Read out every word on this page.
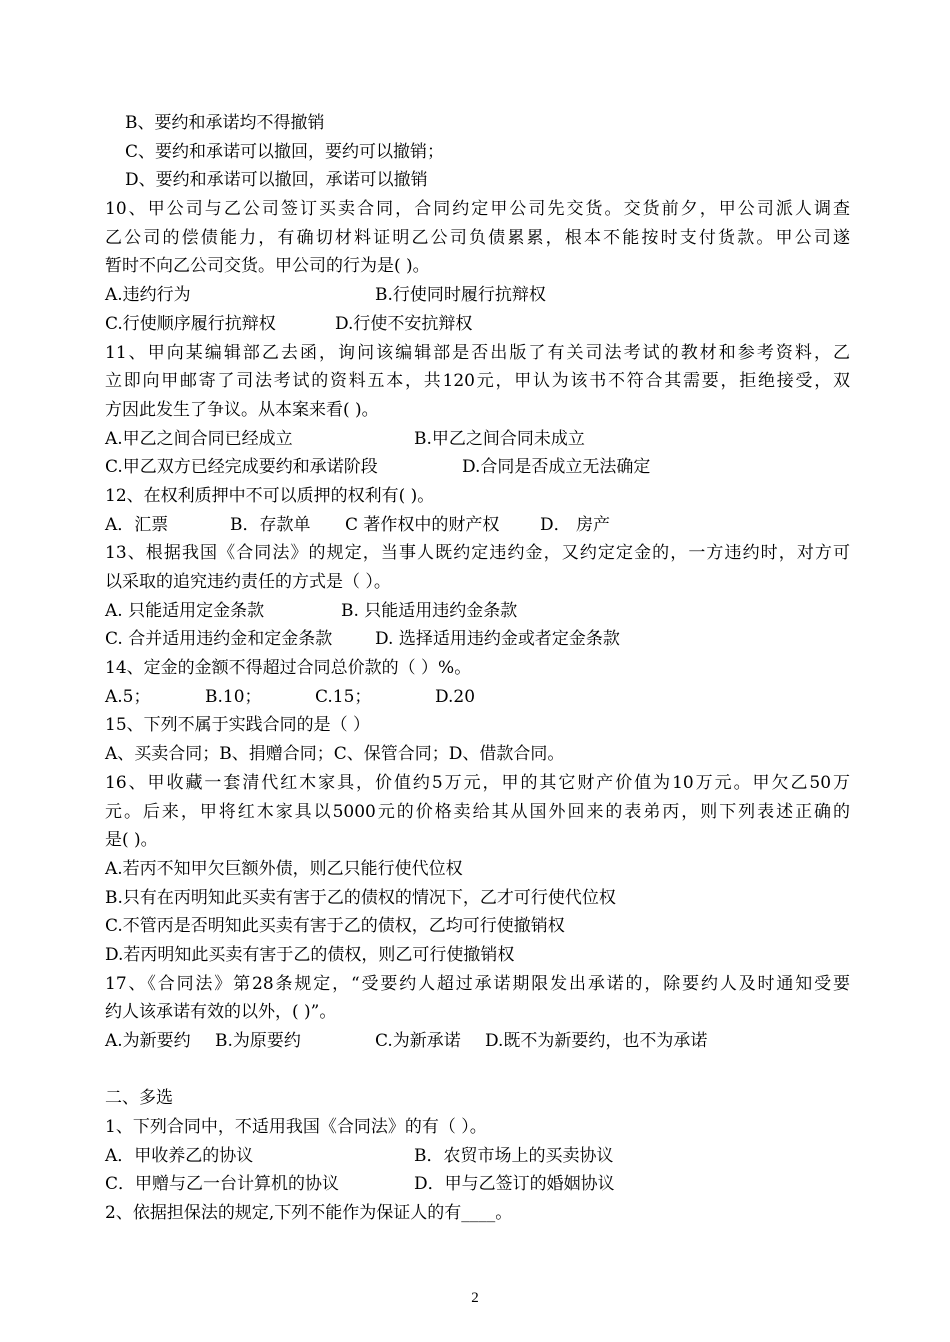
B、要约和承诺均不得撤销
C、要约和承诺可以撤回，要约可以撤销；
D、要约和承诺可以撤回，承诺可以撤销
10、甲公司与乙公司签订买卖合同，合同约定甲公司先交货。交货前夕，甲公司派人调查
乙公司的偿债能力，有确切材料证明乙公司负债累累，根本不能按时支付货款。甲公司遂
暂时不向乙公司交货。甲公司的行为是( )。
A.违约行为	B.行使同时履行抗辩权
C.行使顺序履行抗辩权	D.行使不安抗辩权
11、甲向某编辑部乙去函，询问该编辑部是否出版了有关司法考试的教材和参考资料，乙
立即向甲邮寄了司法考试的资料五本，共120元，甲认为该书不符合其需要，拒绝接受，双
方因此发生了争议。从本案来看( )。
A.甲乙之间合同已经成立	B.甲乙之间合同未成立
C.甲乙双方已经完成要约和承诺阶段	D.合同是否成立无法确定
12、在权利质押中不可以质押的权利有( )。
A．汇票	B．存款单	C 著作权中的财产权	D． 房产
13、根据我国《合同法》的规定，当事人既约定违约金，又约定定金的，一方违约时，对方可
以采取的追究违约责任的方式是（ ）。
A. 只能适用定金条款	B. 只能适用违约金条款
C. 合并适用违约金和定金条款	D. 选择适用违约金或者定金条款
14、定金的金额不得超过合同总价款的（ ）%。
A.5；	B.10；	C.15；	D.20
15、下列不属于实践合同的是（ ）
A、买卖合同；B、捐赠合同；C、保管合同；D、借款合同。
16、甲收藏一套清代红木家具，价值约5万元，甲的其它财产价值为10万元。甲欠乙50万
元。后来，甲将红木家具以5000元的价格卖给其从国外回来的表弟丙，则下列表述正确的
是( )。
A.若丙不知甲欠巨额外债，则乙只能行使代位权
B.只有在丙明知此买卖有害于乙的债权的情况下，乙才可行使代位权
C.不管丙是否明知此买卖有害于乙的债权，乙均可行使撤销权
D.若丙明知此买卖有害于乙的债权，则乙可行使撤销权
17、《合同法》第28条规定，“受要约人超过承诺期限发出承诺的，除要约人及时通知受要
约人该承诺有效的以外，( )”。
A.为新要约	B.为原要约	C.为新承诺	D.既不为新要约，也不为承诺
二、多选
1、下列合同中，不适用我国《合同法》的有（ ）。
A．甲收养乙的协议	B．农贸市场上的买卖协议
C．甲赠与乙一台计算机的协议	D．甲与乙签订的婚姻协议
2、依据担保法的规定,下列不能作为保证人的有____。
2
